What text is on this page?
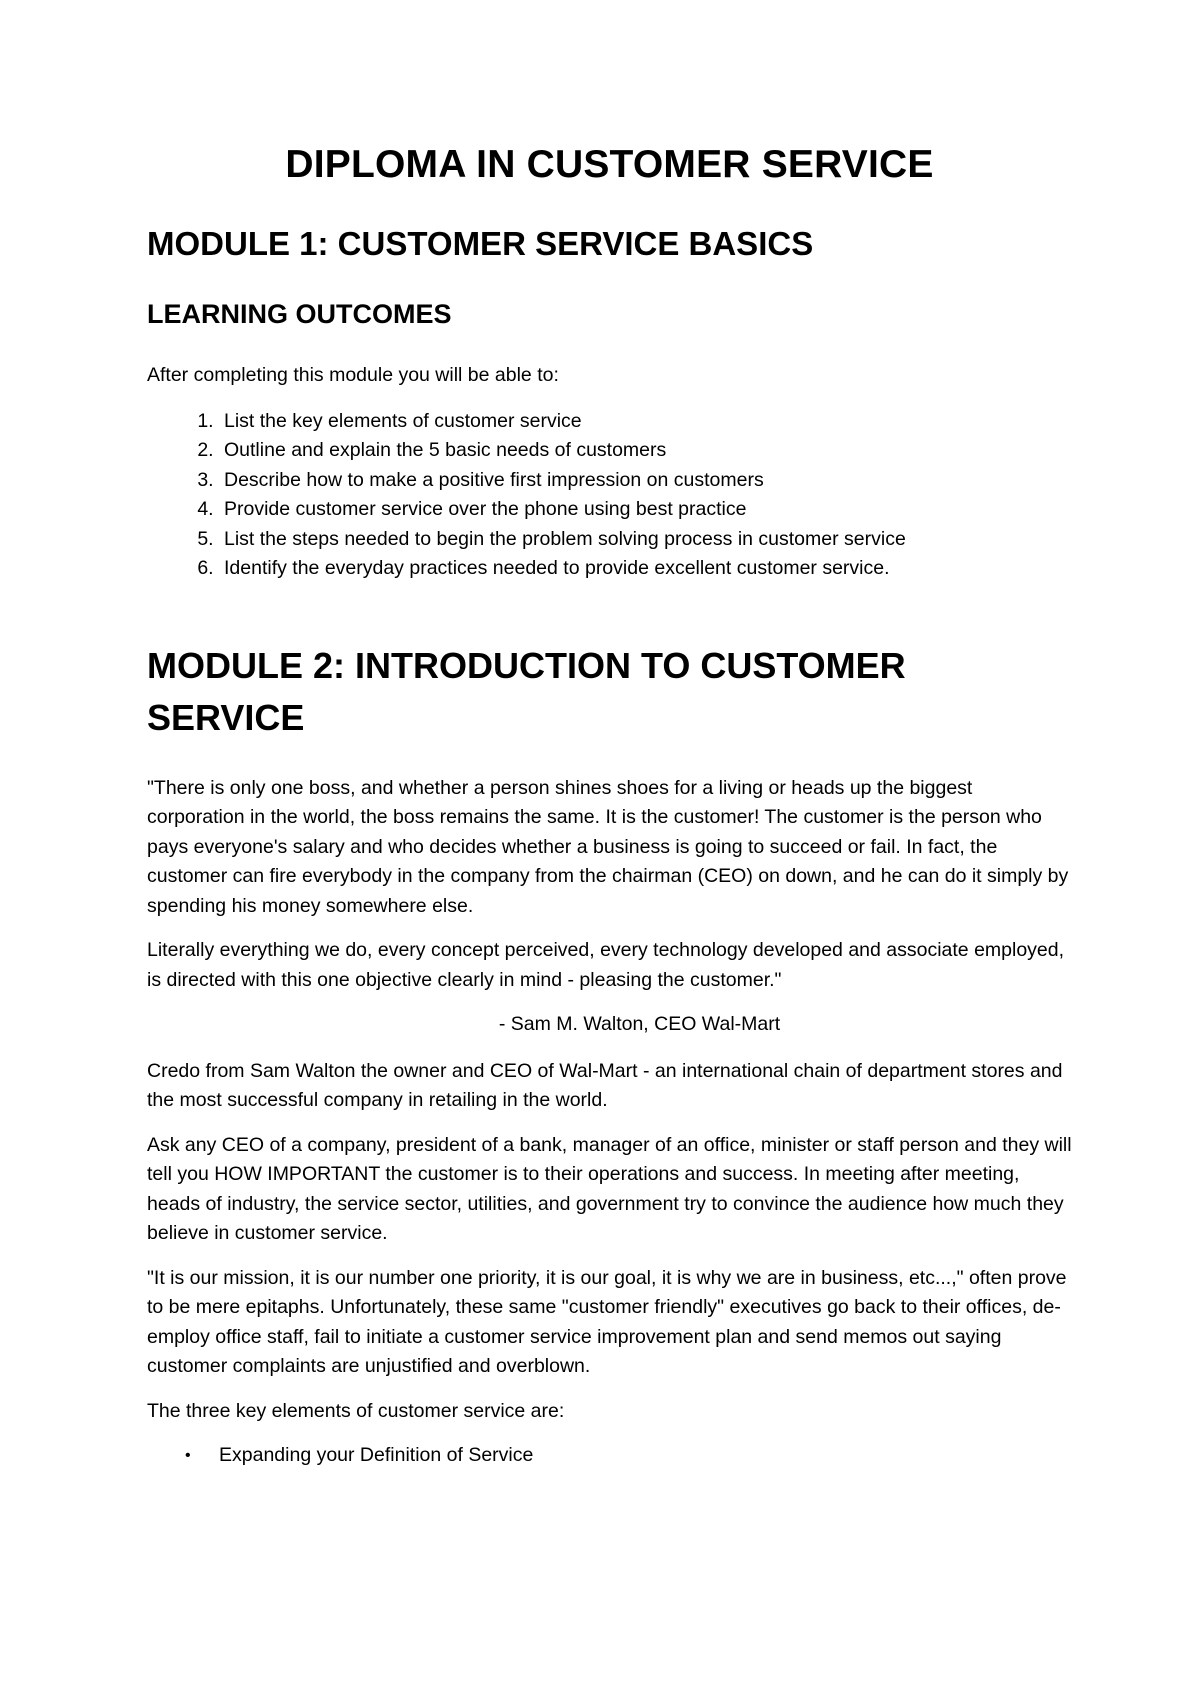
DIPLOMA IN CUSTOMER SERVICE
MODULE 1: CUSTOMER SERVICE BASICS
LEARNING OUTCOMES

After completing this module you will be able to:

1. List the key elements of customer service
2. Outline and explain the 5 basic needs of customers
3. Describe how to make a positive first impression on customers
4. Provide customer service over the phone using best practice
5. List the steps needed to begin the problem solving process in customer service
6. Identify the everyday practices needed to provide excellent customer service.
MODULE 2: INTRODUCTION TO CUSTOMER SERVICE

"There is only one boss, and whether a person shines shoes for a living or heads up the biggest corporation in the world, the boss remains the same. It is the customer! The customer is the person who pays everyone's salary and who decides whether a business is going to succeed or fail. In fact, the customer can fire everybody in the company from the chairman (CEO) on down, and he can do it simply by spending his money somewhere else.

Literally everything we do, every concept perceived, every technology developed and associate employed, is directed with this one objective clearly in mind - pleasing the customer."

- Sam M. Walton, CEO Wal-Mart

Credo from Sam Walton the owner and CEO of Wal-Mart - an international chain of department stores and the most successful company in retailing in the world.

Ask any CEO of a company, president of a bank, manager of an office, minister or staff person and they will tell you HOW IMPORTANT the customer is to their operations and success. In meeting after meeting, heads of industry, the service sector, utilities, and government try to convince the audience how much they believe in customer service.

"It is our mission, it is our number one priority, it is our goal, it is why we are in business, etc...," often prove to be mere epitaphs. Unfortunately, these same "customer friendly" executives go back to their offices, de-employ office staff, fail to initiate a customer service improvement plan and send memos out saying customer complaints are unjustified and overblown.

The three key elements of customer service are:

• Expanding your Definition of Service
